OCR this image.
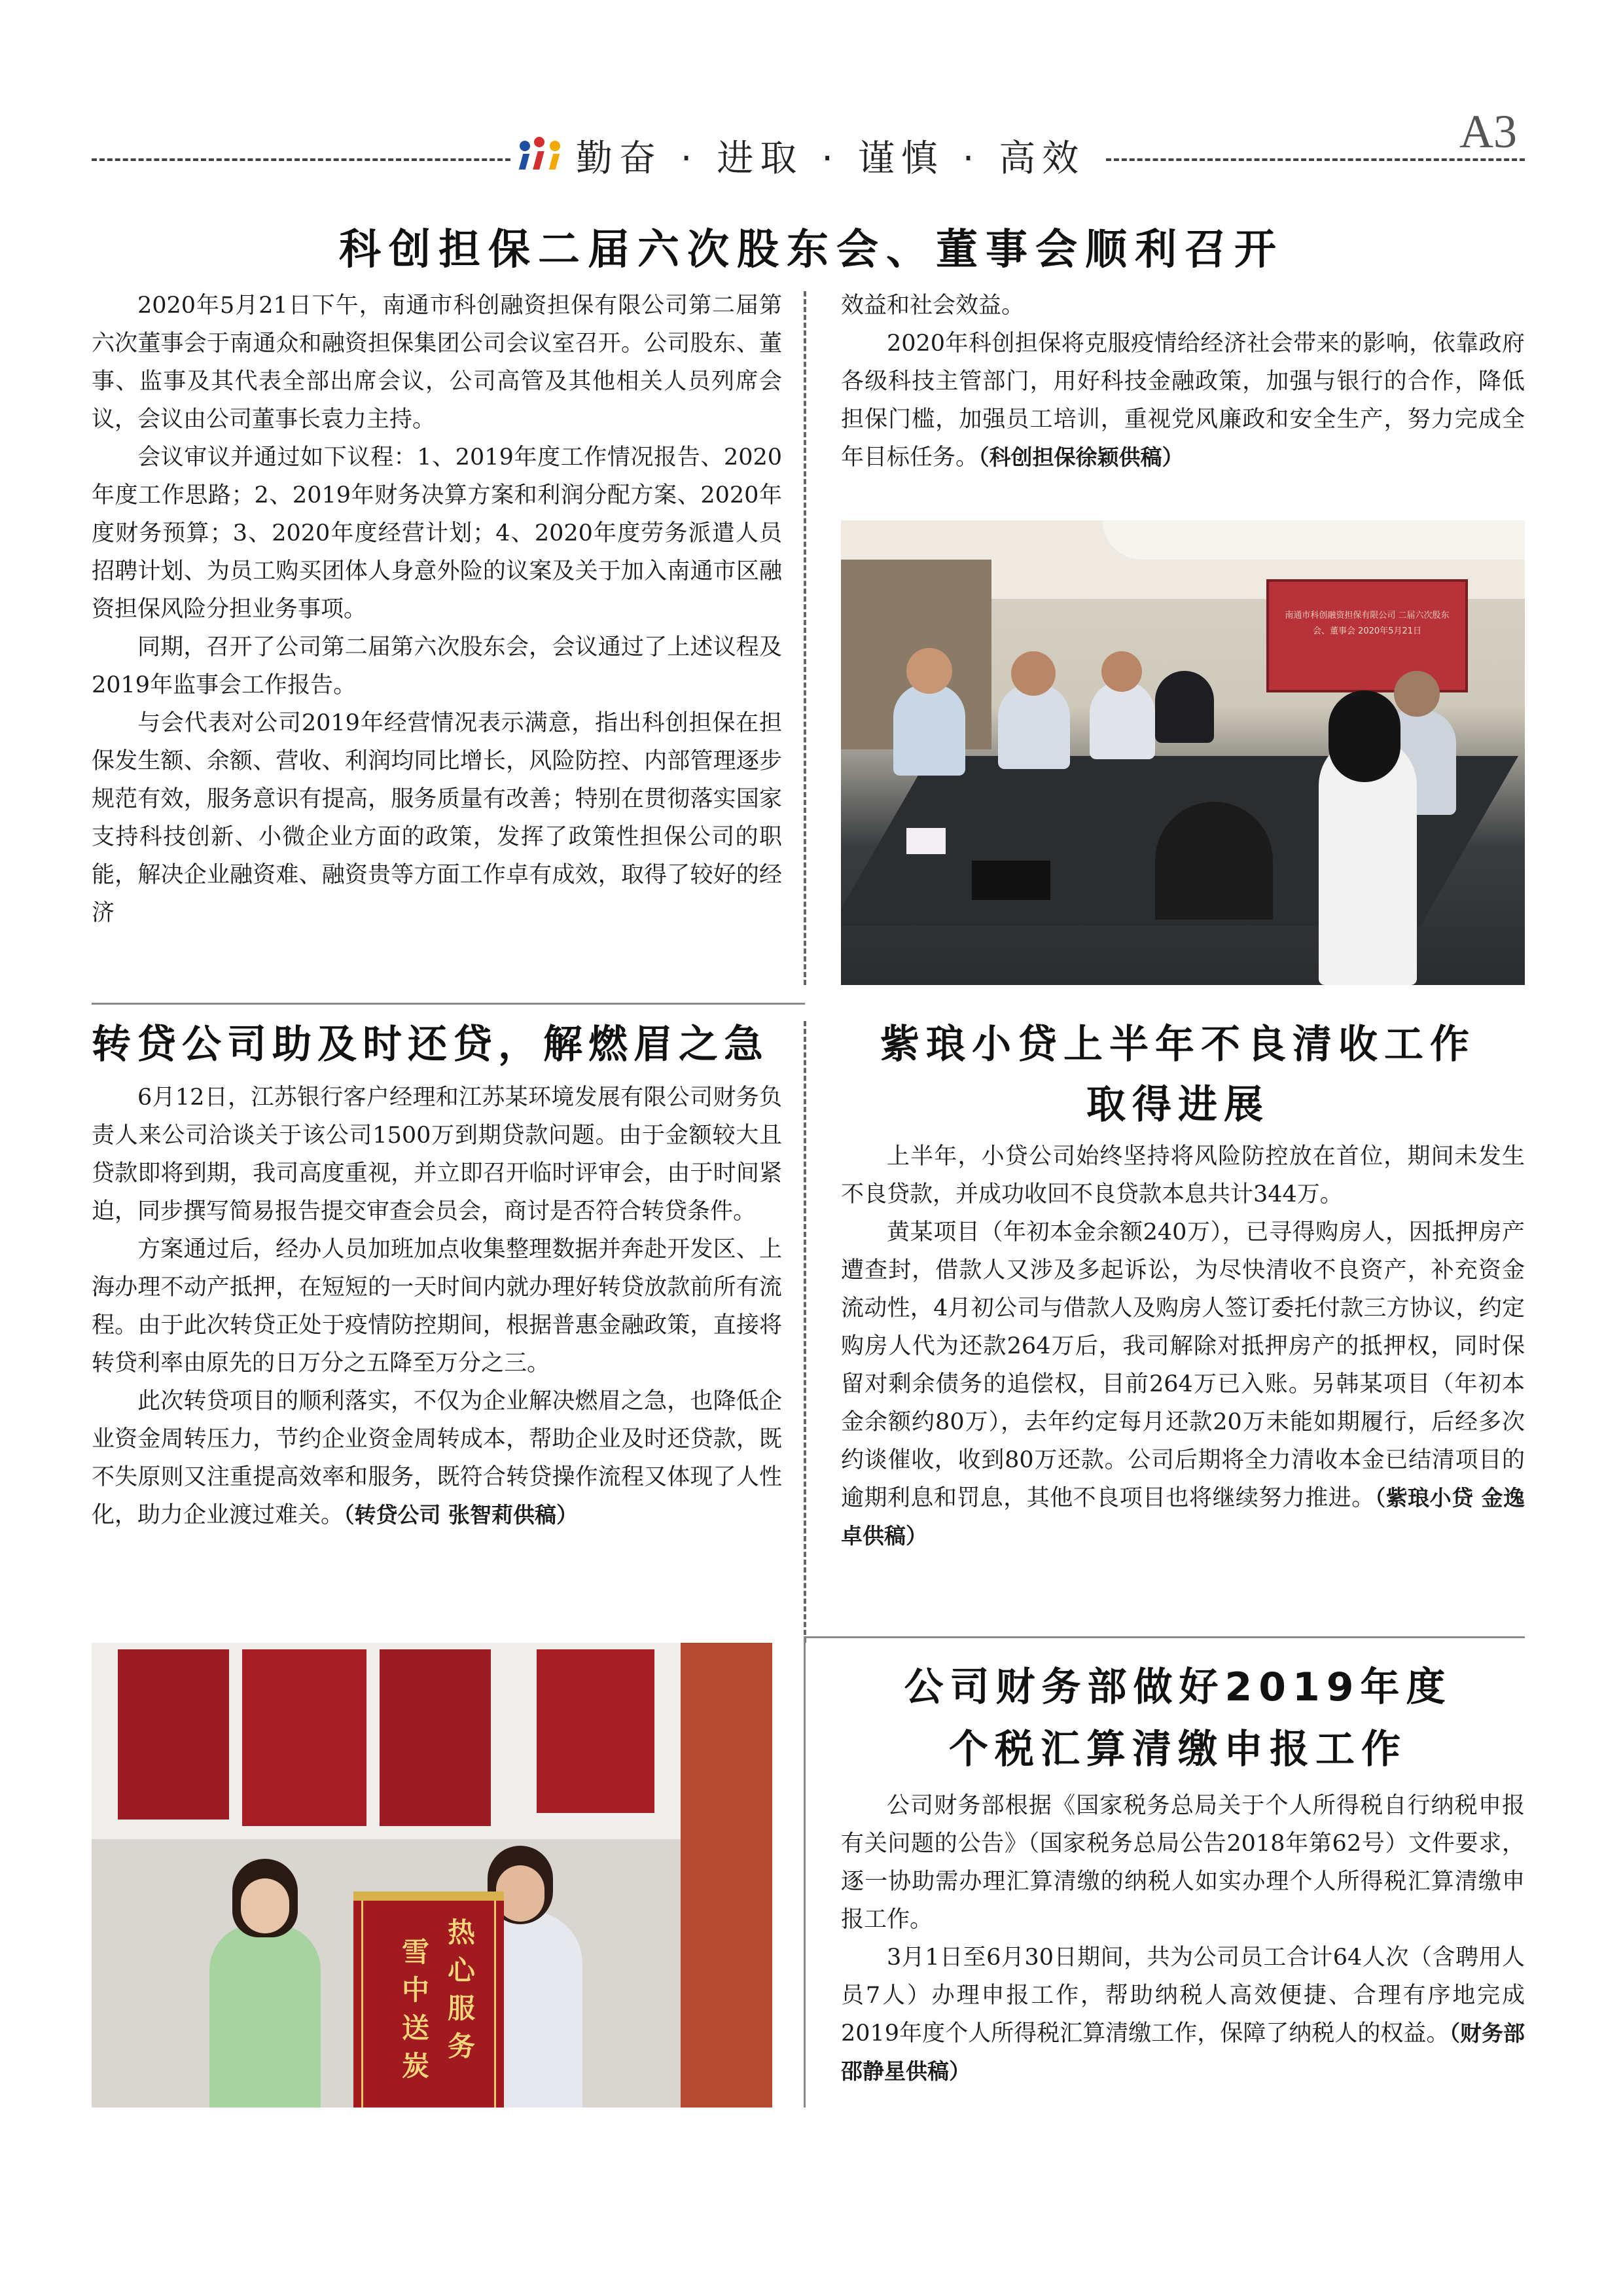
勤奋 · 进取 · 谨慎 · 高效
A3
科创担保二届六次股东会、董事会顺利召开

2020年5月21日下午，南通市科创融资担保有限公司第二届第六次董事会于南通众和融资担保集团公司会议室召开。公司股东、董事、监事及其代表全部出席会议，公司高管及其他相关人员列席会议，会议由公司董事长袁力主持。

会议审议并通过如下议程：1、2019年度工作情况报告、2020年度工作思路；2、2019年财务决算方案和利润分配方案、2020年度财务预算；3、2020年度经营计划；4、2020年度劳务派遣人员招聘计划、为员工购买团体人身意外险的议案及关于加入南通市区融资担保风险分担业务事项。

同期，召开了公司第二届第六次股东会，会议通过了上述议程及2019年监事会工作报告。

与会代表对公司2019年经营情况表示满意，指出科创担保在担保发生额、余额、营收、利润均同比增长，风险防控、内部管理逐步规范有效，服务意识有提高，服务质量有改善；特别在贯彻落实国家支持科技创新、小微企业方面的政策，发挥了政策性担保公司的职能，解决企业融资难、融资贵等方面工作卓有成效，取得了较好的经济

效益和社会效益。

2020年科创担保将克服疫情给经济社会带来的影响，依靠政府各级科技主管部门，用好科技金融政策，加强与银行的合作，降低担保门槛，加强员工培训，重视党风廉政和安全生产，努力完成全年目标任务。（科创担保徐颖供稿）

南通市科创融资担保有限公司 二届六次股东会、董事会 2020年5月21日
转贷公司助及时还贷，解燃眉之急

6月12日，江苏银行客户经理和江苏某环境发展有限公司财务负责人来公司洽谈关于该公司1500万到期贷款问题。由于金额较大且贷款即将到期，我司高度重视，并立即召开临时评审会，由于时间紧迫，同步撰写简易报告提交审查会员会，商讨是否符合转贷条件。

方案通过后，经办人员加班加点收集整理数据并奔赴开发区、上海办理不动产抵押，在短短的一天时间内就办理好转贷放款前所有流程。由于此次转贷正处于疫情防控期间，根据普惠金融政策，直接将转贷利率由原先的日万分之五降至万分之三。

此次转贷项目的顺利落实，不仅为企业解决燃眉之急，也降低企业资金周转压力，节约企业资金周转成本，帮助企业及时还贷款，既不失原则又注重提高效率和服务，既符合转贷操作流程又体现了人性化，助力企业渡过难关。（转贷公司 张智莉供稿）

热心服务
雪中送炭
紫琅小贷上半年不良清收工作
取得进展

上半年，小贷公司始终坚持将风险防控放在首位，期间未发生不良贷款，并成功收回不良贷款本息共计344万。

黄某项目（年初本金余额240万），已寻得购房人，因抵押房产遭查封，借款人又涉及多起诉讼，为尽快清收不良资产，补充资金流动性，4月初公司与借款人及购房人签订委托付款三方协议，约定购房人代为还款264万后，我司解除对抵押房产的抵押权，同时保留对剩余债务的追偿权，目前264万已入账。另韩某项目（年初本金余额约80万），去年约定每月还款20万未能如期履行，后经多次约谈催收，收到80万还款。公司后期将全力清收本金已结清项目的逾期利息和罚息，其他不良项目也将继续努力推进。（紫琅小贷 金逸卓供稿）

公司财务部做好2019年度
个税汇算清缴申报工作

公司财务部根据《国家税务总局关于个人所得税自行纳税申报有关问题的公告》（国家税务总局公告2018年第62号）文件要求，逐一协助需办理汇算清缴的纳税人如实办理个人所得税汇算清缴申报工作。

3月1日至6月30日期间，共为公司员工合计64人次（含聘用人员7人）办理申报工作，帮助纳税人高效便捷、合理有序地完成2019年度个人所得税汇算清缴工作，保障了纳税人的权益。（财务部 邵静星供稿）
